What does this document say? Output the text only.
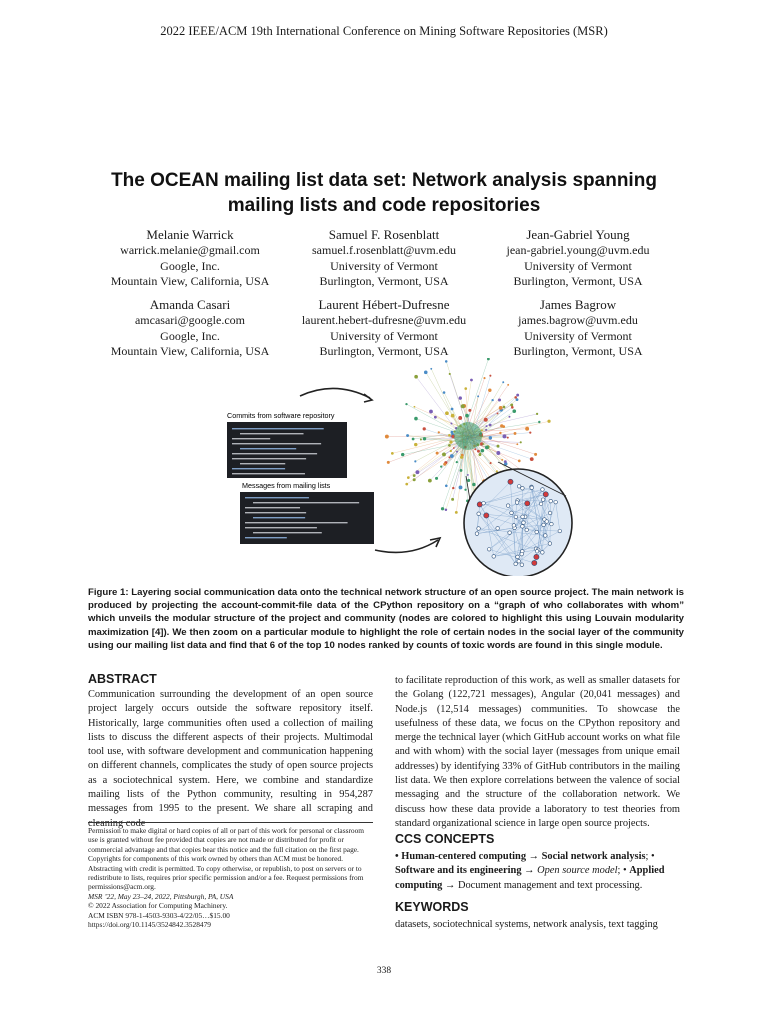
2022 IEEE/ACM 19th International Conference on Mining Software Repositories (MSR)
The OCEAN mailing list data set: Network analysis spanning
mailing lists and code repositories
Melanie Warrick
warrick.melanie@gmail.com
Google, Inc.
Mountain View, California, USA
Samuel F. Rosenblatt
samuel.f.rosenblatt@uvm.edu
University of Vermont
Burlington, Vermont, USA
Jean-Gabriel Young
jean-gabriel.young@uvm.edu
University of Vermont
Burlington, Vermont, USA
Amanda Casari
amcasari@google.com
Google, Inc.
Mountain View, California, USA
Laurent Hébert-Dufresne
laurent.hebert-dufresne@uvm.edu
University of Vermont
Burlington, Vermont, USA
James Bagrow
james.bagrow@uvm.edu
University of Vermont
Burlington, Vermont, USA
Commits from software repository
Messages from mailing lists
Figure 1: Layering social communication data onto the technical network structure of an open source project. The main network is produced by projecting the account-commit-file data of the CPython repository on a “graph of who collaborates with whom” which unveils the modular structure of the project and community (nodes are colored to highlight this using Louvain modularity maximization [4]). We then zoom on a particular module to highlight the role of certain nodes in the social layer of the community using our mailing list data and find that 6 of the top 10 nodes ranked by counts of toxic words are found in this single module.
ABSTRACT
Communication surrounding the development of an open source project largely occurs outside the software repository itself. Historically, large communities often used a collection of mailing lists to discuss the different aspects of their projects. Multimodal tool use, with software development and communication happening on different channels, complicates the study of open source projects as a sociotechnical system. Here, we combine and standardize mailing lists of the Python community, resulting in 954,287 messages from 1995 to the present. We share all scraping and cleaning code
Permission to make digital or hard copies of all or part of this work for personal or classroom use is granted without fee provided that copies are not made or distributed for profit or commercial advantage and that copies bear this notice and the full citation on the first page. Copyrights for components of this work owned by others than ACM must be honored. Abstracting with credit is permitted. To copy otherwise, or republish, to post on servers or to redistribute to lists, requires prior specific permission and/or a fee. Request permissions from permissions@acm.org.
MSR ’22, May 23–24, 2022, Pittsburgh, PA, USA
© 2022 Association for Computing Machinery.
ACM ISBN 978-1-4503-9303-4/22/05…$15.00
https://doi.org/10.1145/3524842.3528479
to facilitate reproduction of this work, as well as smaller datasets for the Golang (122,721 messages), Angular (20,041 messages) and Node.js (12,514 messages) communities. To showcase the usefulness of these data, we focus on the CPython repository and merge the technical layer (which GitHub account works on what file and with whom) with the social layer (messages from unique email addresses) by identifying 33% of GitHub contributors in the mailing list data. We then explore correlations between the valence of social messaging and the structure of the collaboration network. We discuss how these data provide a laboratory to test theories from standard organizational science in large open source projects.
CCS CONCEPTS
• Human-centered computing → Social network analysis; • Software and its engineering → Open source model; • Applied computing → Document management and text processing.
KEYWORDS
datasets, sociotechnical systems, network analysis, text tagging
338
